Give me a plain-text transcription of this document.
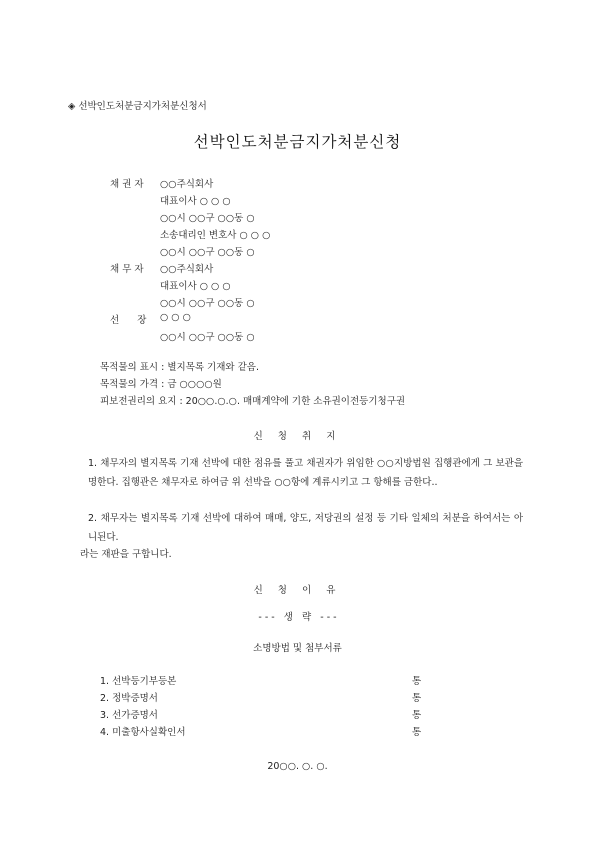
◈ 선박인도처분금지가처분신청서
선박인도처분금지가처분신청
채 권 자 ○○주식회사
대표이사 ○ ○ ○
○○시 ○○구 ○○동 ○
소송대리인 변호사 ○ ○ ○
○○시 ○○구 ○○동 ○
채 무 자 ○○주식회사
대표이사 ○ ○ ○
○○시 ○○구 ○○동 ○
선      장 ○ ○ ○
○○시 ○○구 ○○동 ○
목적물의 표시 : 별지목록 기재와 같음.
목적물의 가격 : 금 ○○○○원
피보전권리의 요지 : 20○○.○.○. 매매계약에 기한 소유권이전등기청구권
신 청 취 지
1. 채무자의 별지목록 기재 선박에 대한 점유를 풀고 채권자가 위임한 ○○지방법원 집행관에게 그 보관을 명한다. 집행관은 채무자로 하여금 위 선박을 ○○항에 계류시키고 그 항해를 금한다..
2. 채무자는 별지목록 기재 선박에 대하여 매매, 양도, 저당권의 설정 등 기타 일체의 처분을 하여서는 아니된다.
라는 재판을 구합니다.
신 청 이 유
- - -   생   략   - - -
소명방법 및 첨부서류
1. 선박등기부등본	통
2. 정박증명서	통
3. 선가증명서	통
4. 미출항사실확인서	통
20○○. ○. ○.
